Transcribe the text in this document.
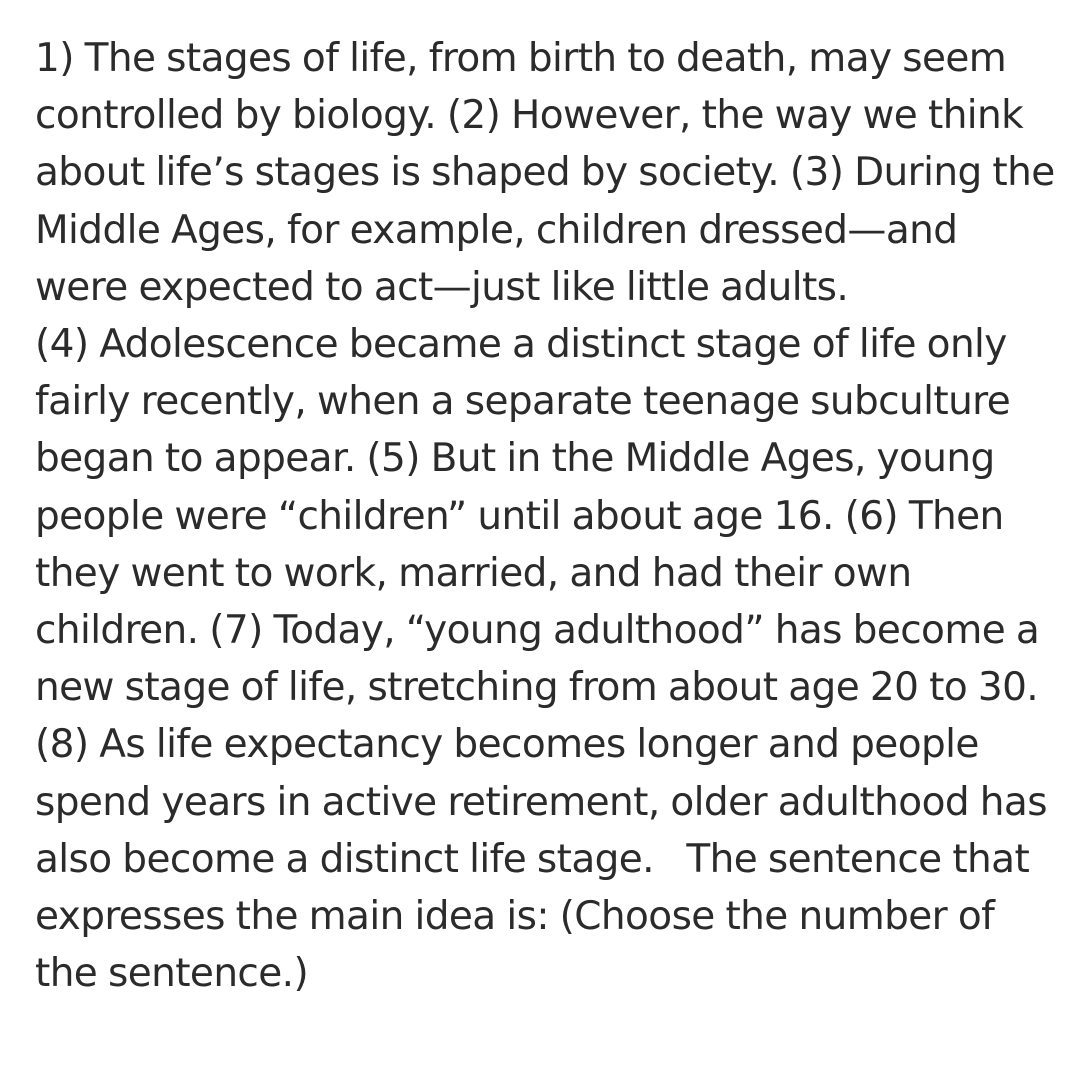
1) The stages of life, from birth to death, may seem
controlled by biology. (2) However, the way we think
about life’s stages is shaped by society. (3) During the
Middle Ages, for example, children dressed—and
were expected to act—just like little adults.
(4) Adolescence became a distinct stage of life only
fairly recently, when a separate teenage subculture
began to appear. (5) But in the Middle Ages, young
people were “children” until about age 16. (6) Then
they went to work, married, and had their own
children. (7) Today, “young adulthood” has become a
new stage of life, stretching from about age 20 to 30.
(8) As life expectancy becomes longer and people
spend years in active retirement, older adulthood has
also become a distinct life stage.   The sentence that
expresses the main idea is: (Choose the number of
the sentence.)
